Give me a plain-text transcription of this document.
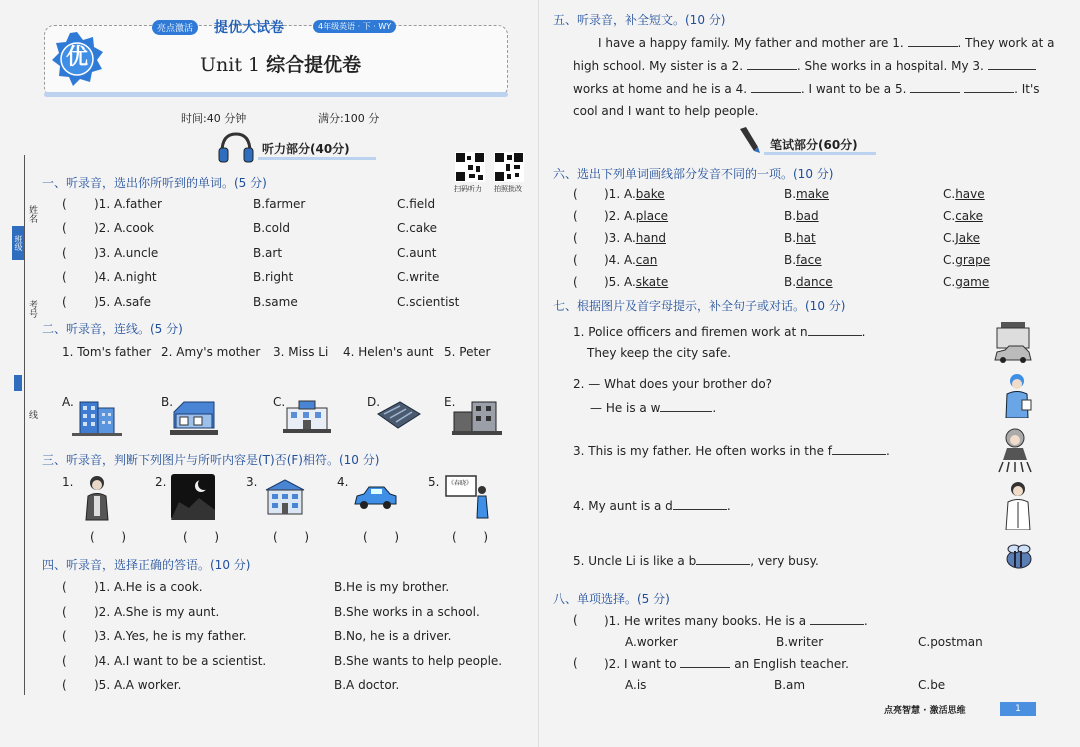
班级
姓名
考号
线
优
亮点激活	提优大试卷	4年级英语 · 下 · WY
Unit 1 综合提优卷
时间:40 分钟	满分:100 分
听力部分(40分)
扫码听力 拍照批改
一、听录音，选出你所听到的单词。(5 分)
( )1. A.father	B.farmer	C.field
( )2. A.cook	B.cold	C.cake
( )3. A.uncle	B.art	C.aunt
( )4. A.night	B.right	C.write
( )5. A.safe	B.same	C.scientist
二、听录音，连线。(5 分)
1. Tom's father 2. Amy's mother 3. Miss Li 4. Helen's aunt 5. Peter
A.	B.	C.	D.	E.
三、听录音，判断下列图片与所听内容是(T)否(F)相符。(10 分)
1.	2.	3.	4.	5. 《春晓》
(       )	(       )	(       )	(       )	(       )
四、听录音，选择正确的答语。(10 分)
( )1. A.He is a cook.	B.He is my brother.
( )2. A.She is my aunt.	B.She works in a school.
( )3. A.Yes, he is my father.	B.No, he is a driver.
( )4. A.I want to be a scientist.	B.She wants to help people.
( )5. A.A worker.	B.A doctor.
五、听录音，补全短文。(10 分)
I have a happy family. My father and mother are 1.	. They work at a
high school. My sister is a 2.	. She works in a hospital. My 3.
works at home and he is a 4.	. I want to be a 5.	. It's
cool and I want to help people.
笔试部分(60分)
六、选出下列单词画线部分发音不同的一项。(10 分)
( )1. A.bake	B.make	C.have
( )2. A.place	B.bad	C.cake
( )3. A.hand	B.hat	C.Jake
( )4. A.can	B.face	C.grape
( )5. A.skate	B.dance	C.game
七、根据图片及首字母提示，补全句子或对话。(10 分)
1. Police officers and firemen work at n	.
They keep the city safe.
2. — What does your brother do?
— He is a w	.
3. This is my father. He often works in the f	.
4. My aunt is a d	.
5. Uncle Li is like a b	, very busy.
八、单项选择。(5 分)
( )1. He writes many books. He is a	.
A.worker	B.writer	C.postman
( )2. I want to	an English teacher.
A.is	B.am	C.be
点亮智慧 · 激活思维	1
